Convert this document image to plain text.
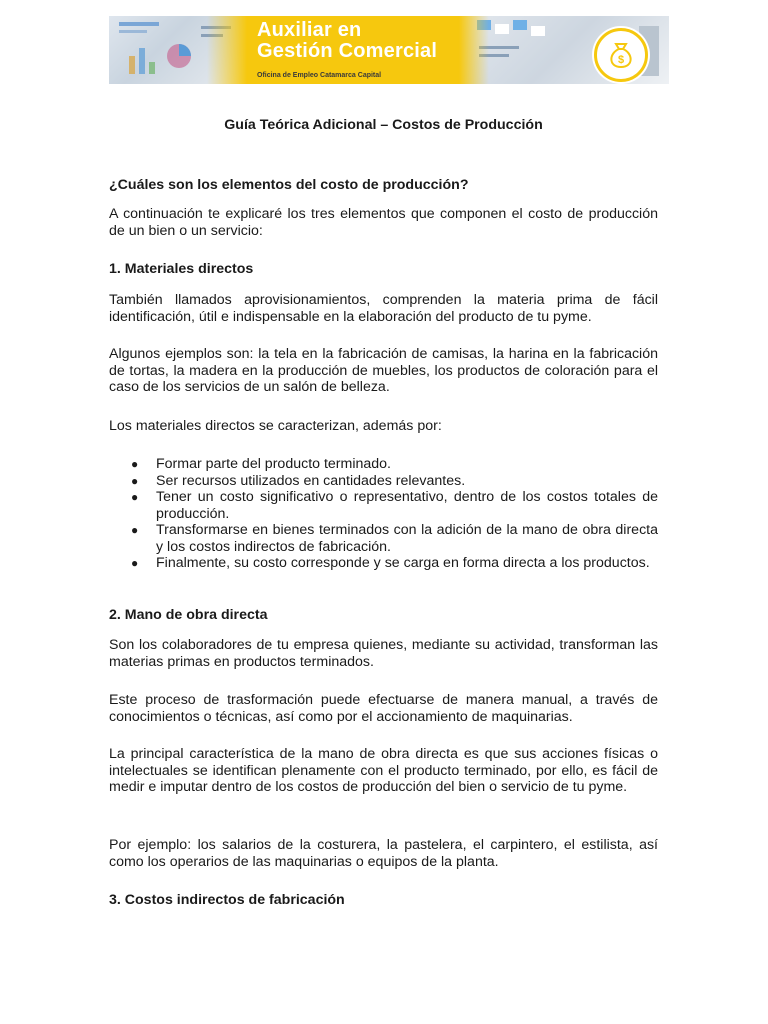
Auxiliar en
Gestión Comercial
Oficina de Empleo Catamarca Capital
$
Guía Teórica Adicional – Costos de Producción
¿Cuáles son los elementos del costo de producción?

A continuación te explicaré los tres elementos que componen el costo de producción de un bien o un servicio:

1. Materiales directos

También llamados aprovisionamientos, comprenden la materia prima de fácil identificación, útil e indispensable en la elaboración del producto de tu pyme.

Algunos ejemplos son: la tela en la fabricación de camisas, la harina en la fabricación de tortas, la madera en la producción de muebles, los productos de coloración para el caso de los servicios de un salón de belleza.

Los materiales directos se caracterizan, además por:

● Formar parte del producto terminado.
● Ser recursos utilizados en cantidades relevantes.
● Tener un costo significativo o representativo, dentro de los costos totales de producción.
● Transformarse en bienes terminados con la adición de la mano de obra directa y los costos indirectos de fabricación.
● Finalmente, su costo corresponde y se carga en forma directa a los productos.
2. Mano de obra directa

Son los colaboradores de tu empresa quienes, mediante su actividad, transforman las materias primas en productos terminados.

Este proceso de trasformación puede efectuarse de manera manual, a través de conocimientos o técnicas, así como por el accionamiento de maquinarias.

La principal característica de la mano de obra directa es que sus acciones físicas o intelectuales se identifican plenamente con el producto terminado, por ello, es fácil de medir e imputar dentro de los costos de producción del bien o servicio de tu pyme.

Por ejemplo: los salarios de la costurera, la pastelera, el carpintero, el estilista, así como los operarios de las maquinarias o equipos de la planta.

3. Costos indirectos de fabricación
